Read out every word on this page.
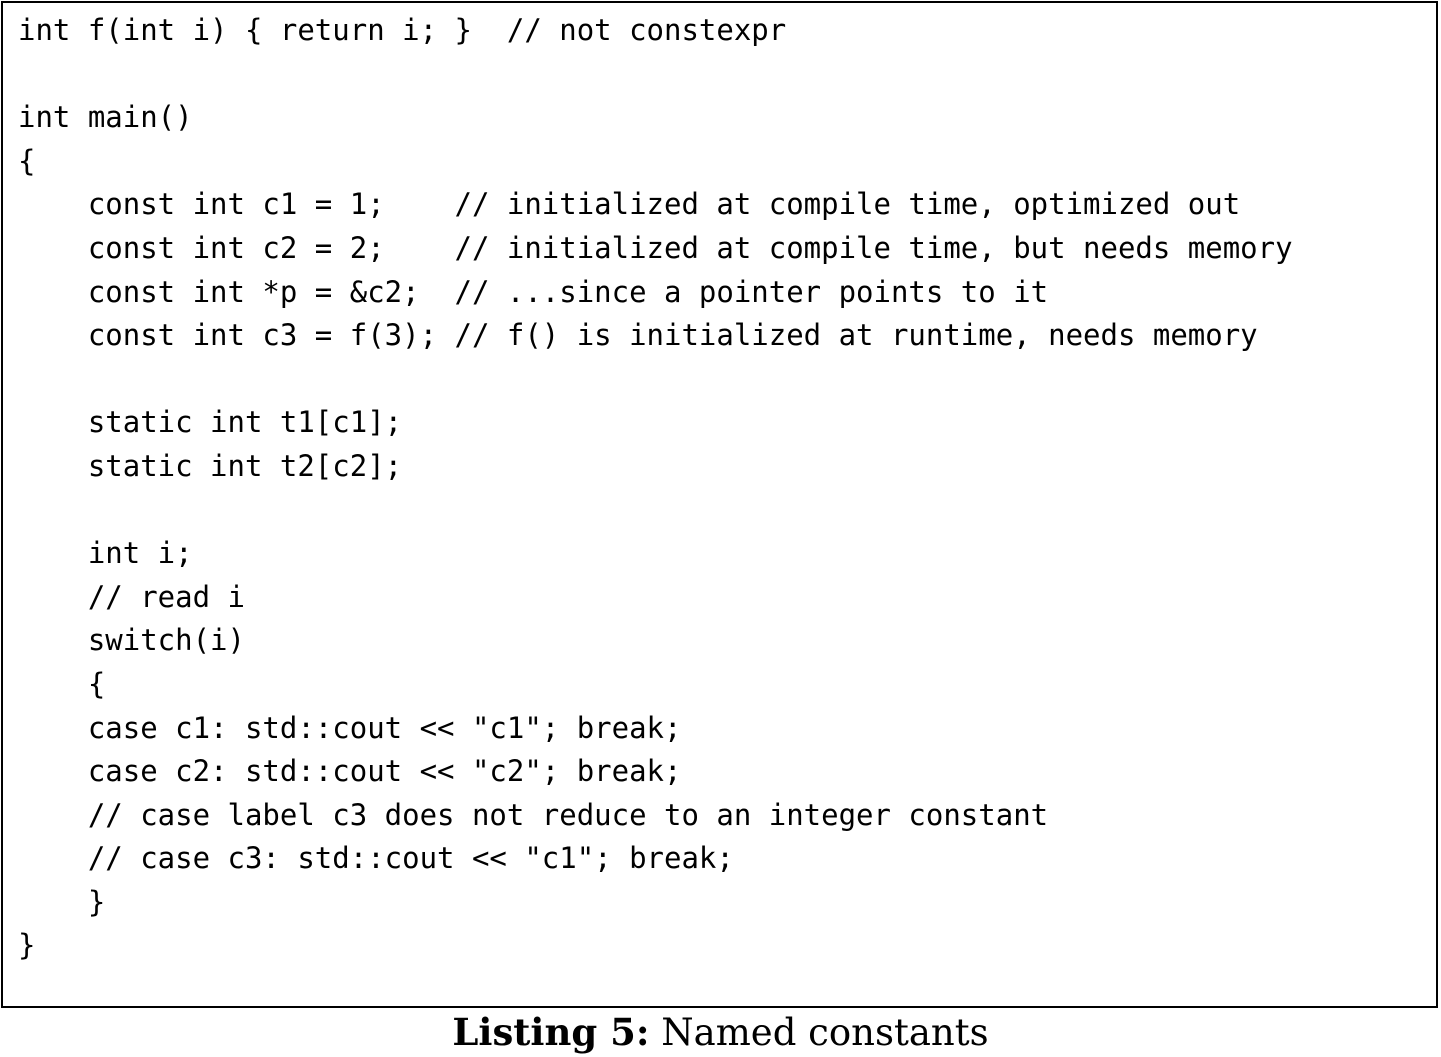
int f(int i) { return i; }  // not constexpr
int main()
{
const int c1 = 1;    // initialized at compile time, optimized out
const int c2 = 2;    // initialized at compile time, but needs memory
const int *p = &c2;  // ...since a pointer points to it
const int c3 = f(3); // f() is initialized at runtime, needs memory
static int t1[c1];
static int t2[c2];
int i;
// read i
switch(i)
{
case c1: std::cout << "c1"; break;
case c2: std::cout << "c2"; break;
// case label c3 does not reduce to an integer constant
// case c3: std::cout << "c1"; break;
}
}
Listing 5: Named constants
